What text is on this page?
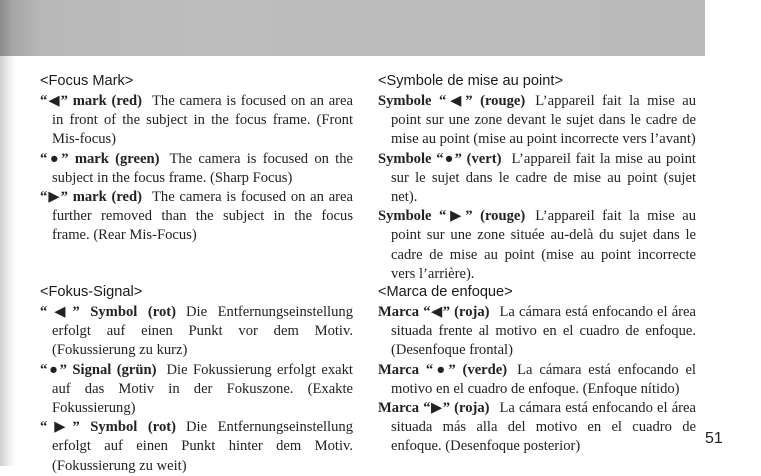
<Focus Mark>
“◀” mark (red) The camera is focused on an area in front of the subject in the focus frame. (Front Mis-focus)
“●” mark (green) The camera is focused on the subject in the focus frame. (Sharp Focus)
“▶” mark (red) The camera is focused on an area further removed than the subject in the focus frame. (Rear Mis-Focus)
<Symbole de mise au point>
Symbole “◀” (rouge) L’appareil fait la mise au point sur une zone devant le sujet dans le cadre de mise au point (mise au point incorrecte vers l’avant)
Symbole “●” (vert) L’appareil fait la mise au point sur le sujet dans le cadre de mise au point (sujet net).
Symbole “▶” (rouge) L’appareil fait la mise au point sur une zone située au-delà du sujet dans le cadre de mise au point (mise au point incorrecte vers l’arrière).
<Fokus-Signal>
“◀” Symbol (rot) Die Entfernungseinstellung erfolgt auf einen Punkt vor dem Motiv. (Fokussierung zu kurz)
“●” Signal (grün) Die Fokussierung erfolgt exakt auf das Motiv in der Fokuszone. (Exakte Fokussierung)
“▶” Symbol (rot) Die Entfernungseinstellung erfolgt auf einen Punkt hinter dem Motiv. (Fokussierung zu weit)
<Marca de enfoque>
Marca “◀” (roja) La cámara está enfocando el área situada frente al motivo en el cuadro de enfoque. (Desenfoque frontal)
Marca “●” (verde) La cámara está enfocando el motivo en el cuadro de enfoque. (Enfoque nítido)
Marca “▶” (roja) La cámara está enfocando el área situada más alla del motivo en el cuadro de enfoque. (Desenfoque posterior)	51
